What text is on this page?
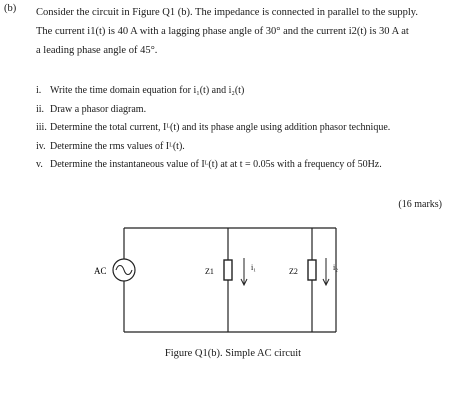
(b) Consider the circuit in Figure Q1 (b). The impedance is connected in parallel to the supply.

The current i1(t) is 40 A with a lagging phase angle of 30° and the current i2(t) is 30 A at

a leading phase angle of 45°.

i. Write the time domain equation for i₁(t) and i₂(t)
ii. Draw a phasor diagram.
iii. Determine the total current, Iᴸ(t) and its phase angle using addition phasor technique.
iv. Determine the rms values of Iᴸ(t).
v. Determine the instantaneous value of Iᴸ(t) at at t = 0.05s with a frequency of 50Hz.
(16 marks)
AC	Z1	Z2
i₁	i₂
Figure Q1(b). Simple AC circuit
